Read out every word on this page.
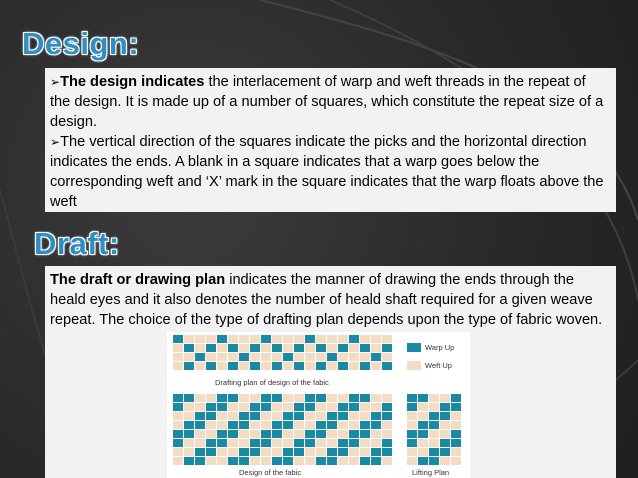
Design:

➢The design indicates the interlacement of warp and weft threads in the repeat of the design. It is made up of a number of squares, which constitute the repeat size of a design.

➢The vertical direction of the squares indicate the picks and the horizontal direction indicates the ends. A blank in a square indicates that a warp goes below the corresponding weft and ‘X’ mark in the square indicates that the warp floats above the weft

Draft:

The draft or drawing plan indicates the manner of drawing the ends through the heald eyes and it also denotes the number of heald shaft required for a given weave repeat. The choice of the type of drafting plan depends upon the type of fabric woven.

Drafting plan of design of the fabic
Design of the fabic
Warp Up
Weft Up
Lifting Plan
